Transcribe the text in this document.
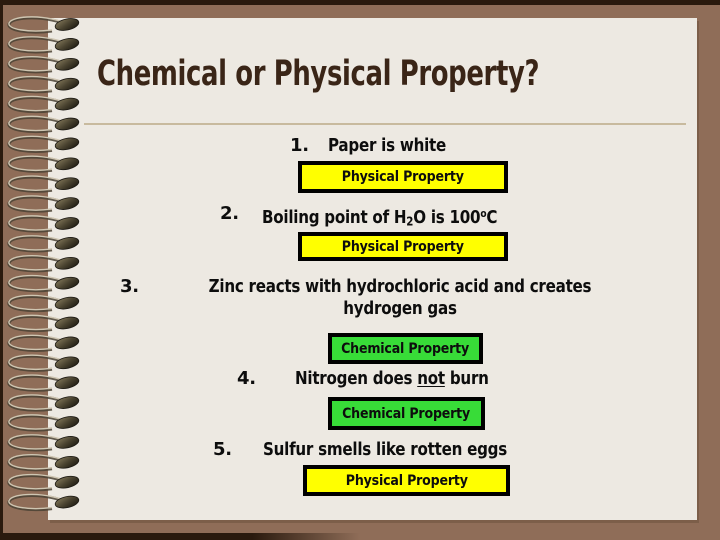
Chemical or Physical Property?
1. Paper is white
Physical Property
2. Boiling point of $H_2O$ is 100$^o$C
Physical Property
3.	Zinc reacts with hydrochloric acid and creates
hydrogen gas
Chemical Property
4. Nitrogen does not burn
Chemical Property
5. Sulfur smells like rotten eggs
Physical Property
